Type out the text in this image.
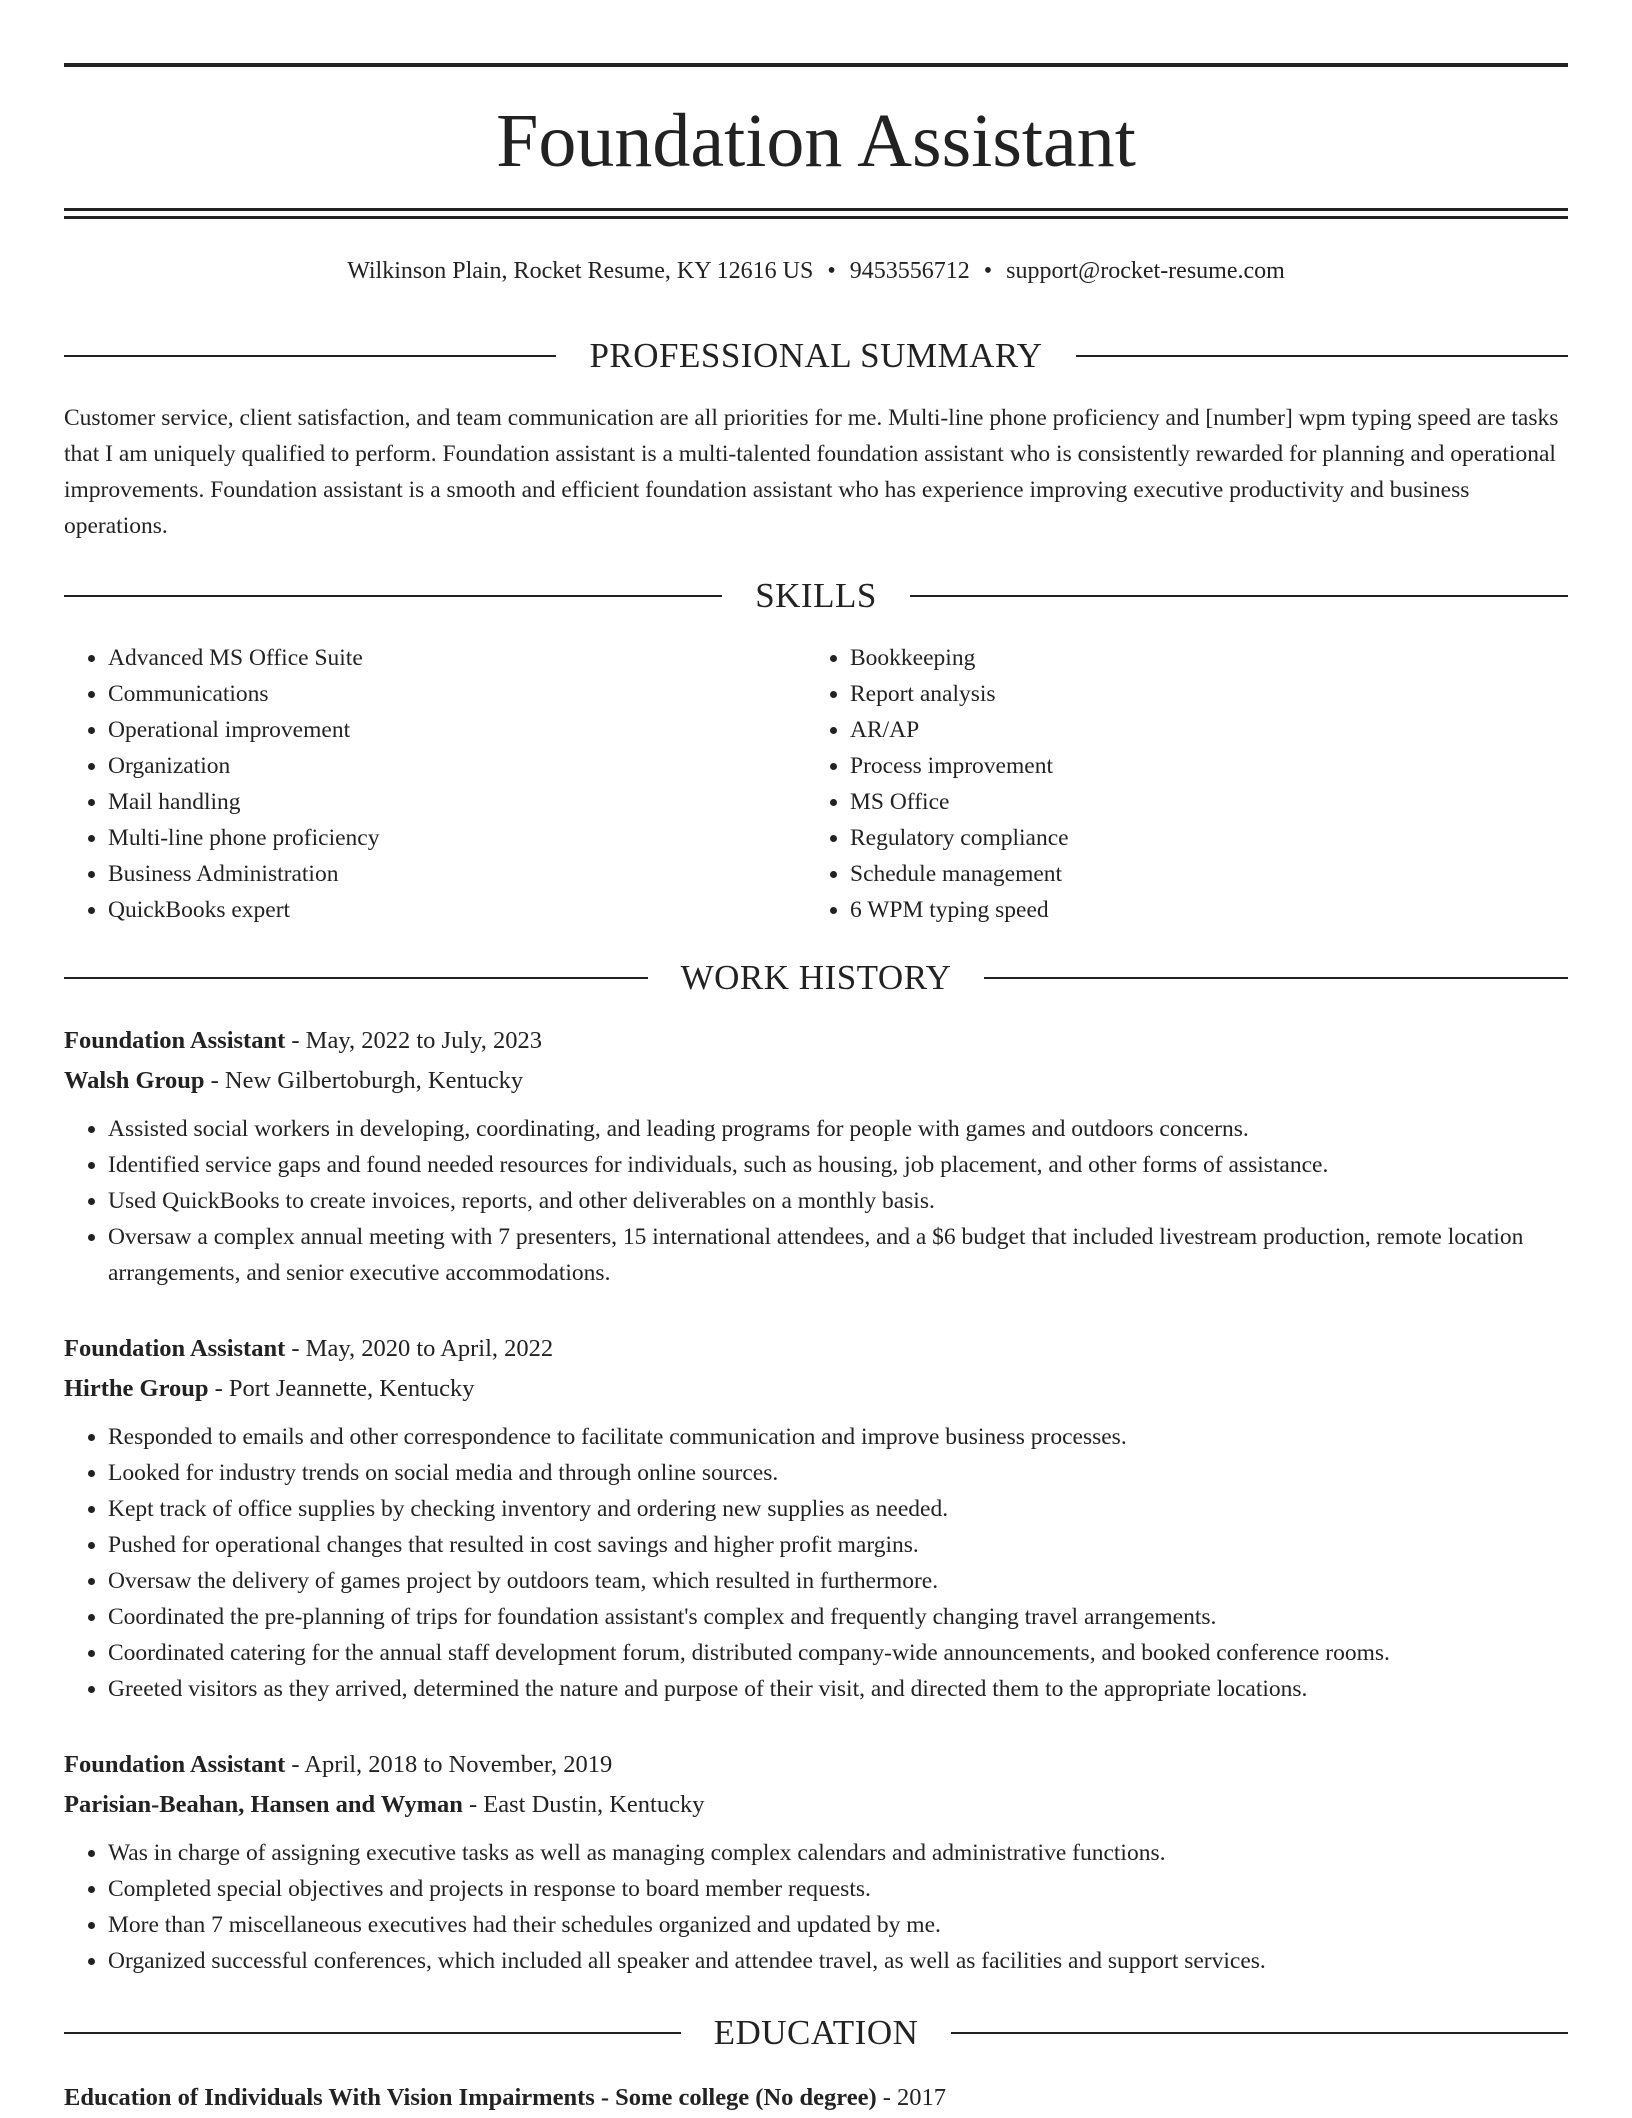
Foundation Assistant
Wilkinson Plain, Rocket Resume, KY 12616 US • 9453556712 • support@rocket-resume.com
PROFESSIONAL SUMMARY

Customer service, client satisfaction, and team communication are all priorities for me. Multi-line phone proficiency and [number] wpm typing speed are tasks that I am uniquely qualified to perform. Foundation assistant is a multi-talented foundation assistant who is consistently rewarded for planning and operational improvements. Foundation assistant is a smooth and efficient foundation assistant who has experience improving executive productivity and business operations.

SKILLS
• Advanced MS Office Suite
• Communications
• Operational improvement
• Organization
• Mail handling
• Multi-line phone proficiency
• Business Administration
• QuickBooks expert
• Bookkeeping
• Report analysis
• AR/AP
• Process improvement
• MS Office
• Regulatory compliance
• Schedule management
• 6 WPM typing speed
WORK HISTORY
Foundation Assistant - May, 2022 to July, 2023
Walsh Group - New Gilbertoburgh, Kentucky
• Assisted social workers in developing, coordinating, and leading programs for people with games and outdoors concerns.
• Identified service gaps and found needed resources for individuals, such as housing, job placement, and other forms of assistance.
• Used QuickBooks to create invoices, reports, and other deliverables on a monthly basis.
• Oversaw a complex annual meeting with 7 presenters, 15 international attendees, and a $6 budget that included livestream production, remote location arrangements, and senior executive accommodations.
Foundation Assistant - May, 2020 to April, 2022
Hirthe Group - Port Jeannette, Kentucky
• Responded to emails and other correspondence to facilitate communication and improve business processes.
• Looked for industry trends on social media and through online sources.
• Kept track of office supplies by checking inventory and ordering new supplies as needed.
• Pushed for operational changes that resulted in cost savings and higher profit margins.
• Oversaw the delivery of games project by outdoors team, which resulted in furthermore.
• Coordinated the pre-planning of trips for foundation assistant's complex and frequently changing travel arrangements.
• Coordinated catering for the annual staff development forum, distributed company-wide announcements, and booked conference rooms.
• Greeted visitors as they arrived, determined the nature and purpose of their visit, and directed them to the appropriate locations.
Foundation Assistant - April, 2018 to November, 2019
Parisian-Beahan, Hansen and Wyman - East Dustin, Kentucky
• Was in charge of assigning executive tasks as well as managing complex calendars and administrative functions.
• Completed special objectives and projects in response to board member requests.
• More than 7 miscellaneous executives had their schedules organized and updated by me.
• Organized successful conferences, which included all speaker and attendee travel, as well as facilities and support services.
EDUCATION
Education of Individuals With Vision Impairments - Some college (No degree) - 2017
